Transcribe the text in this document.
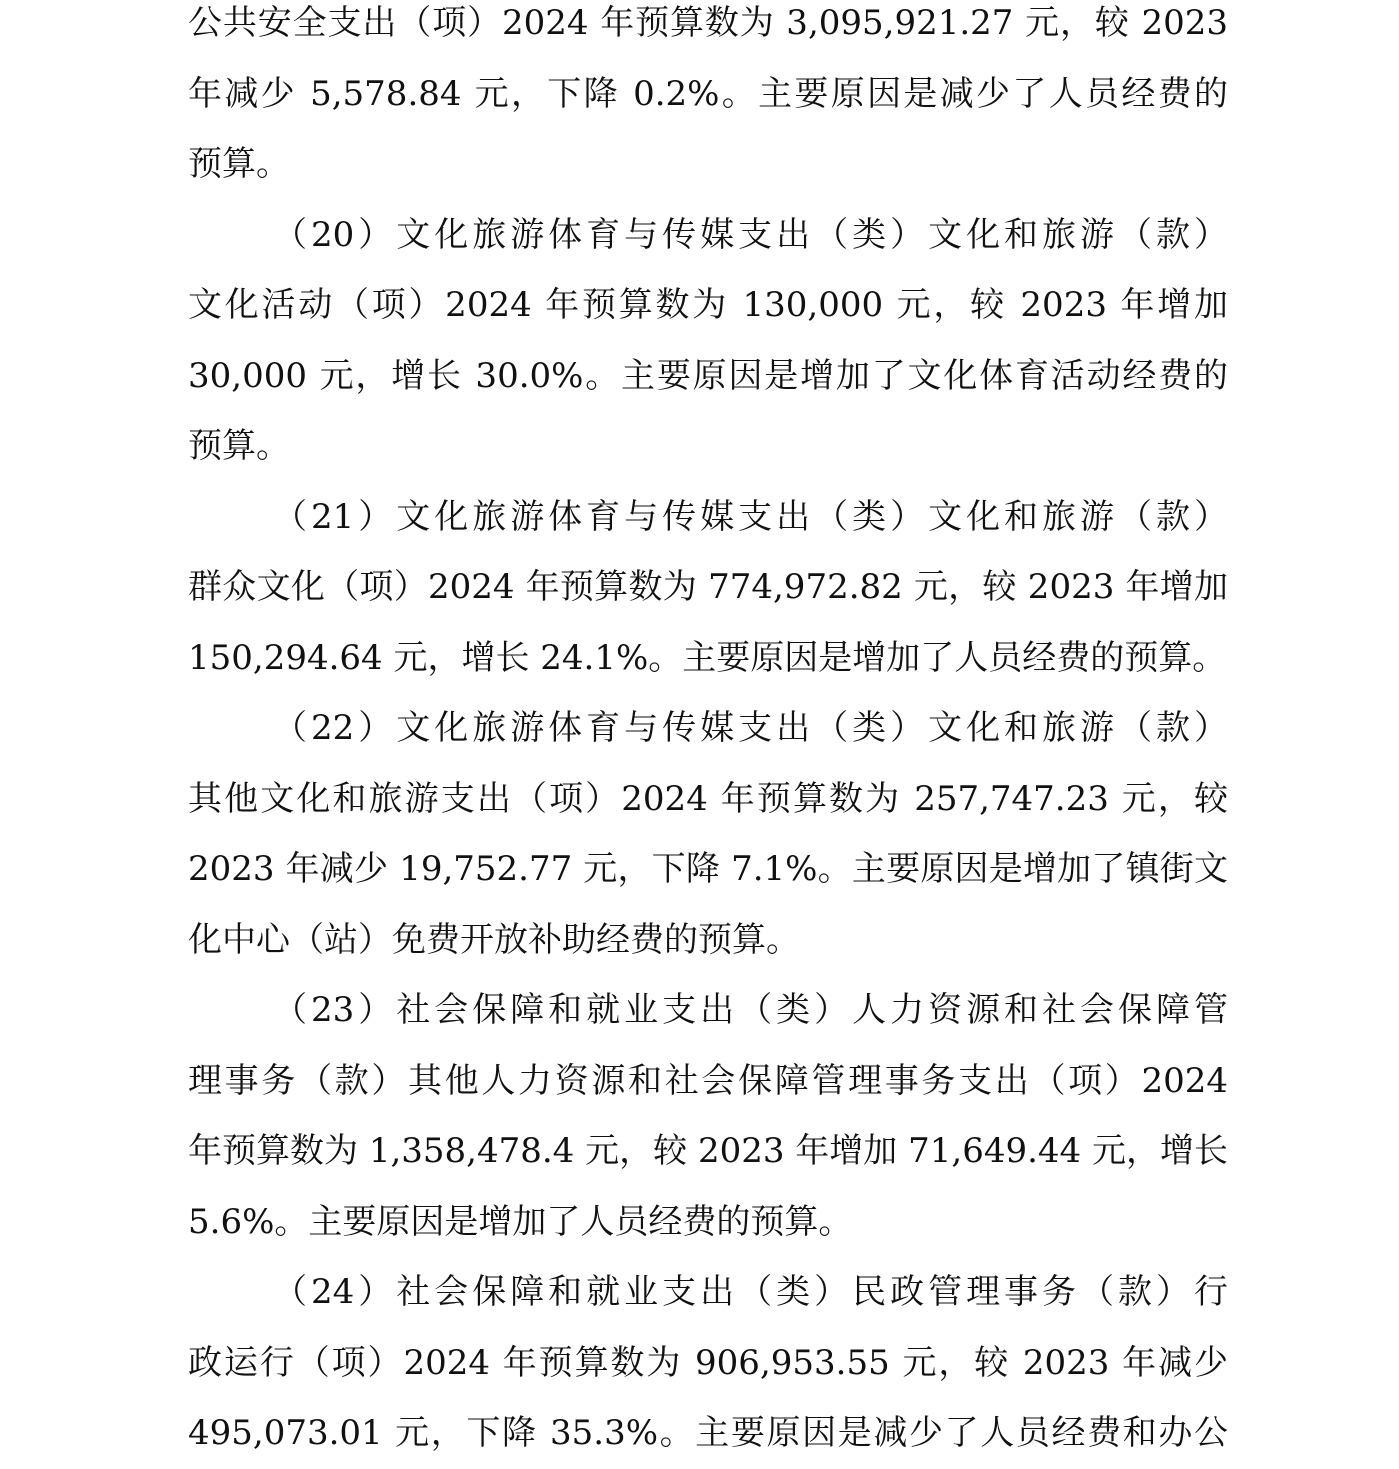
公共安全支出（项）2024 年预算数为 3,095,921.27 元，较 2023
年减少 5,578.84 元，下降 0.2%。主要原因是减少了人员经费的
预算。
（20）文化旅游体育与传媒支出（类）文化和旅游（款）
文化活动（项）2024 年预算数为 130,000 元，较 2023 年增加
30,000 元，增长 30.0%。主要原因是增加了文化体育活动经费的
预算。
（21）文化旅游体育与传媒支出（类）文化和旅游（款）
群众文化（项）2024 年预算数为 774,972.82 元，较 2023 年增加
150,294.64 元，增长 24.1%。主要原因是增加了人员经费的预算。
（22）文化旅游体育与传媒支出（类）文化和旅游（款）
其他文化和旅游支出（项）2024 年预算数为 257,747.23 元，较
2023 年减少 19,752.77 元，下降 7.1%。主要原因是增加了镇街文
化中心（站）免费开放补助经费的预算。
（23）社会保障和就业支出（类）人力资源和社会保障管
理事务（款）其他人力资源和社会保障管理事务支出（项）2024
年预算数为 1,358,478.4 元，较 2023 年增加 71,649.44 元，增长
5.6%。主要原因是增加了人员经费的预算。
（24）社会保障和就业支出（类）民政管理事务（款）行
政运行（项）2024 年预算数为 906,953.55 元，较 2023 年减少
495,073.01 元，下降 35.3%。主要原因是减少了人员经费和办公
